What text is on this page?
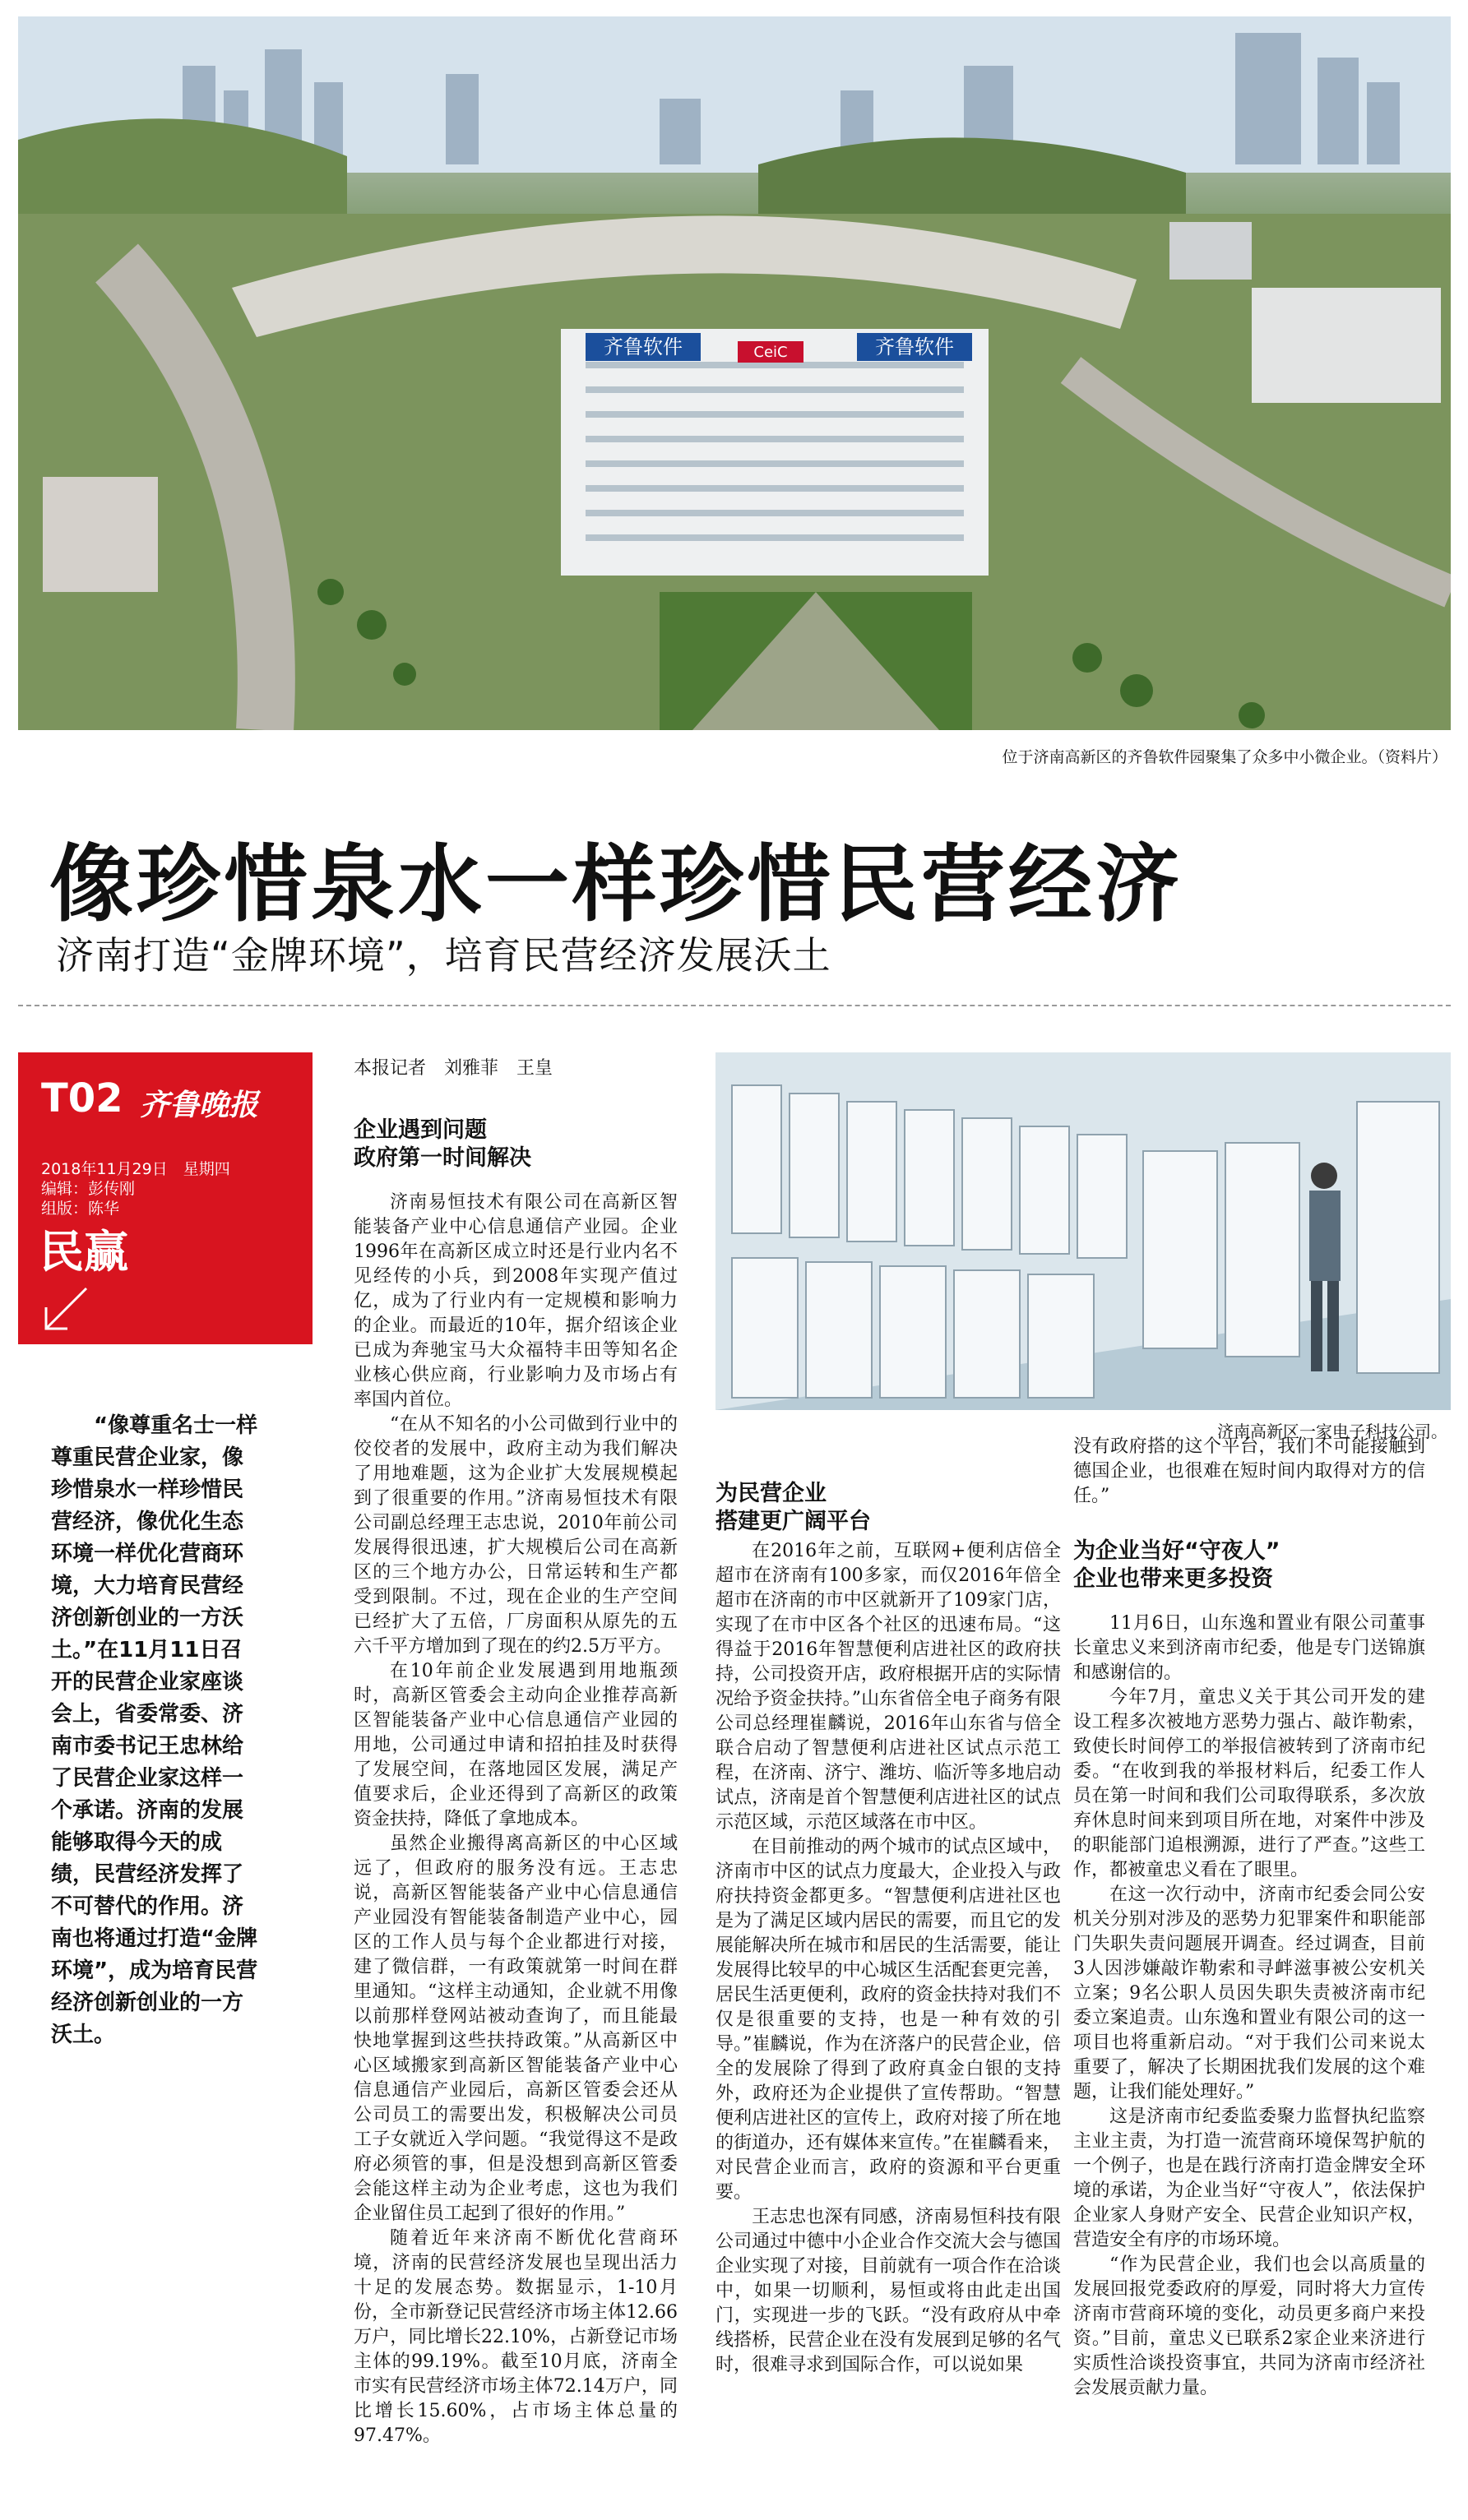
齐鲁软件	齐鲁软件
CeiC
位于济南高新区的齐鲁软件园聚集了众多中小微企业。（资料片）
像珍惜泉水一样珍惜民营经济
济南打造“金牌环境”，培育民营经济发展沃土
T02 齐鲁晚报
2018年11月29日　星期四
编辑：彭传刚
组版：陈华
民赢

“像尊重名士一样尊重民营企业家，像珍惜泉水一样珍惜民营经济，像优化生态环境一样优化营商环境，大力培育民营经济创新创业的一方沃土。”在11月11日召开的民营企业家座谈会上，省委常委、济南市委书记王忠林给了民营企业家这样一个承诺。济南的发展能够取得今天的成绩，民营经济发挥了不可替代的作用。济南也将通过打造“金牌环境”，成为培育民营经济创新创业的一方沃土。

本报记者　刘雅菲　王皇
企业遇到问题
政府第一时间解决

济南易恒技术有限公司在高新区智能装备产业中心信息通信产业园。企业1996年在高新区成立时还是行业内名不见经传的小兵，到2008年实现产值过亿，成为了行业内有一定规模和影响力的企业。而最近的10年，据介绍该企业已成为奔驰宝马大众福特丰田等知名企业核心供应商，行业影响力及市场占有率国内首位。

“在从不知名的小公司做到行业中的佼佼者的发展中，政府主动为我们解决了用地难题，这为企业扩大发展规模起到了很重要的作用。”济南易恒技术有限公司副总经理王志忠说，2010年前公司发展得很迅速，扩大规模后公司在高新区的三个地方办公，日常运转和生产都受到限制。不过，现在企业的生产空间已经扩大了五倍，厂房面积从原先的五六千平方增加到了现在的约2.5万平方。

在10年前企业发展遇到用地瓶颈时，高新区管委会主动向企业推荐高新区智能装备产业中心信息通信产业园的用地，公司通过申请和招拍挂及时获得了发展空间，在落地园区发展，满足产值要求后，企业还得到了高新区的政策资金扶持，降低了拿地成本。

虽然企业搬得离高新区的中心区域远了，但政府的服务没有远。王志忠说，高新区智能装备产业中心信息通信产业园没有智能装备制造产业中心，园区的工作人员与每个企业都进行对接，建了微信群，一有政策就第一时间在群里通知。“这样主动通知，企业就不用像以前那样登网站被动查询了，而且能最快地掌握到这些扶持政策。”从高新区中心区域搬家到高新区智能装备产业中心信息通信产业园后，高新区管委会还从公司员工的需要出发，积极解决公司员工子女就近入学问题。“我觉得这不是政府必须管的事，但是没想到高新区管委会能这样主动为企业考虑，这也为我们企业留住员工起到了很好的作用。”

随着近年来济南不断优化营商环境，济南的民营经济发展也呈现出活力十足的发展态势。数据显示，1-10月份，全市新登记民营经济市场主体12.66万户，同比增长22.10%，占新登记市场主体的99.19%。截至10月底，济南全市实有民营经济市场主体72.14万户，同比增长15.60%，占市场主体总量的97.47%。

济南高新区一家电子科技公司。
为民营企业
搭建更广阔平台

在2016年之前，互联网+便利店倍全超市在济南有100多家，而仅2016年倍全超市在济南的市中区就新开了109家门店，实现了在市中区各个社区的迅速布局。“这得益于2016年智慧便利店进社区的政府扶持，公司投资开店，政府根据开店的实际情况给予资金扶持。”山东省倍全电子商务有限公司总经理崔麟说，2016年山东省与倍全联合启动了智慧便利店进社区试点示范工程，在济南、济宁、潍坊、临沂等多地启动试点，济南是首个智慧便利店进社区的试点示范区域，示范区域落在市中区。

在目前推动的两个城市的试点区域中，济南市中区的试点力度最大，企业投入与政府扶持资金都更多。“智慧便利店进社区也是为了满足区域内居民的需要，而且它的发展能解决所在城市和居民的生活需要，能让发展得比较早的中心城区生活配套更完善，居民生活更便利，政府的资金扶持对我们不仅是很重要的支持，也是一种有效的引导。”崔麟说，作为在济落户的民营企业，倍全的发展除了得到了政府真金白银的支持外，政府还为企业提供了宣传帮助。“智慧便利店进社区的宣传上，政府对接了所在地的街道办，还有媒体来宣传。”在崔麟看来，对民营企业而言，政府的资源和平台更重要。

王志忠也深有同感，济南易恒科技有限公司通过中德中小企业合作交流大会与德国企业实现了对接，目前就有一项合作在洽谈中，如果一切顺利，易恒或将由此走出国门，实现进一步的飞跃。“没有政府从中牵线搭桥，民营企业在没有发展到足够的名气时，很难寻求到国际合作，可以说如果

没有政府搭的这个平台，我们不可能接触到德国企业，也很难在短时间内取得对方的信任。”

为企业当好“守夜人”
企业也带来更多投资

11月6日，山东逸和置业有限公司董事长童忠义来到济南市纪委，他是专门送锦旗和感谢信的。

今年7月，童忠义关于其公司开发的建设工程多次被地方恶势力强占、敲诈勒索，致使长时间停工的举报信被转到了济南市纪委。“在收到我的举报材料后，纪委工作人员在第一时间和我们公司取得联系，多次放弃休息时间来到项目所在地，对案件中涉及的职能部门追根溯源，进行了严查。”这些工作，都被童忠义看在了眼里。

在这一次行动中，济南市纪委会同公安机关分别对涉及的恶势力犯罪案件和职能部门失职失责问题展开调查。经过调查，目前3人因涉嫌敲诈勒索和寻衅滋事被公安机关立案；9名公职人员因失职失责被济南市纪委立案追责。山东逸和置业有限公司的这一项目也将重新启动。“对于我们公司来说太重要了，解决了长期困扰我们发展的这个难题，让我们能处理好。”

这是济南市纪委监委聚力监督执纪监察主业主责，为打造一流营商环境保驾护航的一个例子，也是在践行济南打造金牌安全环境的承诺，为企业当好“守夜人”，依法保护企业家人身财产安全、民营企业知识产权，营造安全有序的市场环境。

“作为民营企业，我们也会以高质量的发展回报党委政府的厚爱，同时将大力宣传济南市营商环境的变化，动员更多商户来投资。”目前，童忠义已联系2家企业来济进行实质性洽谈投资事宜，共同为济南市经济社会发展贡献力量。
